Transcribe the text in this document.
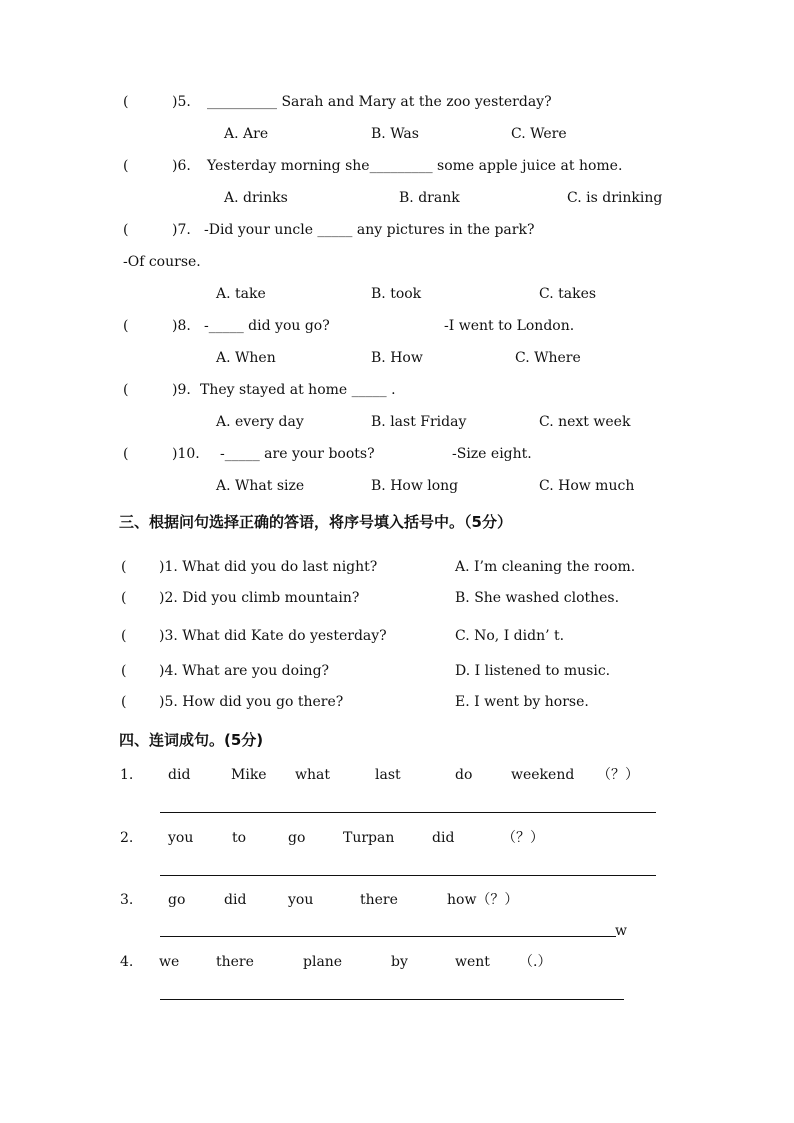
(	)5. __________ Sarah and Mary at the zoo yesterday?
A. Are	B. Was	C. Were
(	)6. Yesterday morning she_________ some apple juice at home.
A. drinks	B. drank	C. is drinking
(	)7. -Did your uncle _____ any pictures in the park?
-Of course.
A. take	B. took	C. takes
(	)8. -_____ did you go?	-I went to London.
A. When	B. How	C. Where
(	)9. They stayed at home _____ .
A. every day	B. last Friday	C. next week
(	)10. -_____ are your boots?	-Size eight.
A. What size	B. How long	C. How much
三、根据问句选择正确的答语，将序号填入括号中。（5分）
( )1. What did you do last night?	A. I’m cleaning the room.
( )2. Did you climb mountain?	B. She washed clothes.
( )3. What did Kate do yesterday?	C. No, I didn’ t.
( )4. What are you doing?	D. I listened to music.
( )5. How did you go there?	E. I went by horse.
四、连词成句。(5分)
1. did	Mike what	last	do	weekend （？）
2. you	to	go	Turpan	did	（？）
3. go	did	you	there	how（？）
w
4. we	there	plane	by	went （.）
